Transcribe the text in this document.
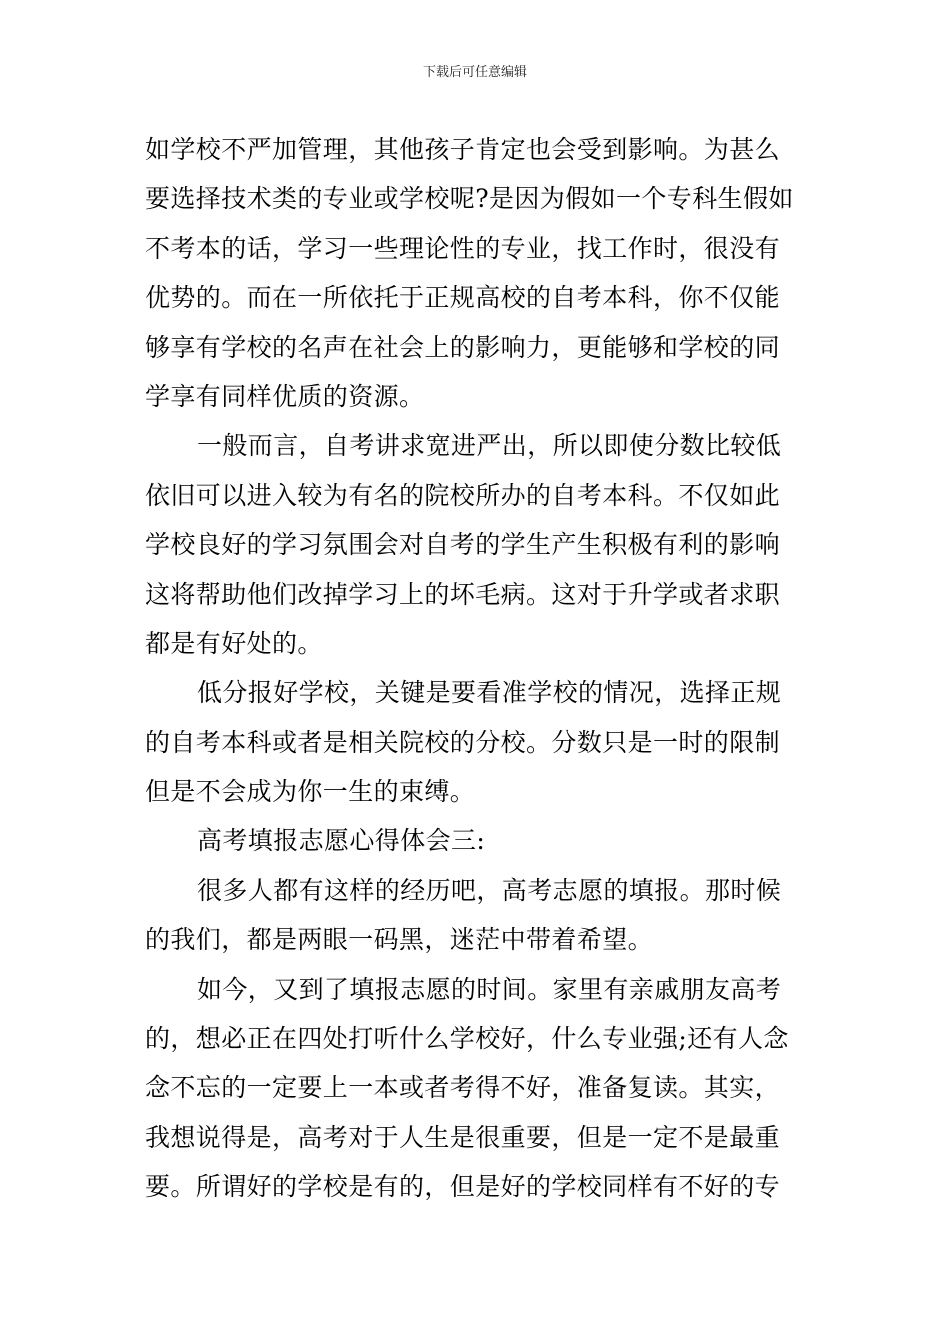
下载后可任意编辑

如学校不严加管理，其他孩子肯定也会受到影响。为甚么
要选择技术类的专业或学校呢?是因为假如一个专科生假如
不考本的话，学习一些理论性的专业，找工作时，很没有
优势的。而在一所依托于正规高校的自考本科，你不仅能
够享有学校的名声在社会上的影响力，更能够和学校的同
学享有同样优质的资源。

一般而言，自考讲求宽进严出，所以即使分数比较低
依旧可以进入较为有名的院校所办的自考本科。不仅如此
学校良好的学习氛围会对自考的学生产生积极有利的影响
这将帮助他们改掉学习上的坏毛病。这对于升学或者求职
都是有好处的。

低分报好学校，关键是要看准学校的情况，选择正规
的自考本科或者是相关院校的分校。分数只是一时的限制
但是不会成为你一生的束缚。

高考填报志愿心得体会三:

很多人都有这样的经历吧，高考志愿的填报。那时候
的我们，都是两眼一码黑，迷茫中带着希望。

如今，又到了填报志愿的时间。家里有亲戚朋友高考
的，想必正在四处打听什么学校好，什么专业强;还有人念
念不忘的一定要上一本或者考得不好，准备复读。其实，
我想说得是，高考对于人生是很重要，但是一定不是最重
要。所谓好的学校是有的，但是好的学校同样有不好的专
